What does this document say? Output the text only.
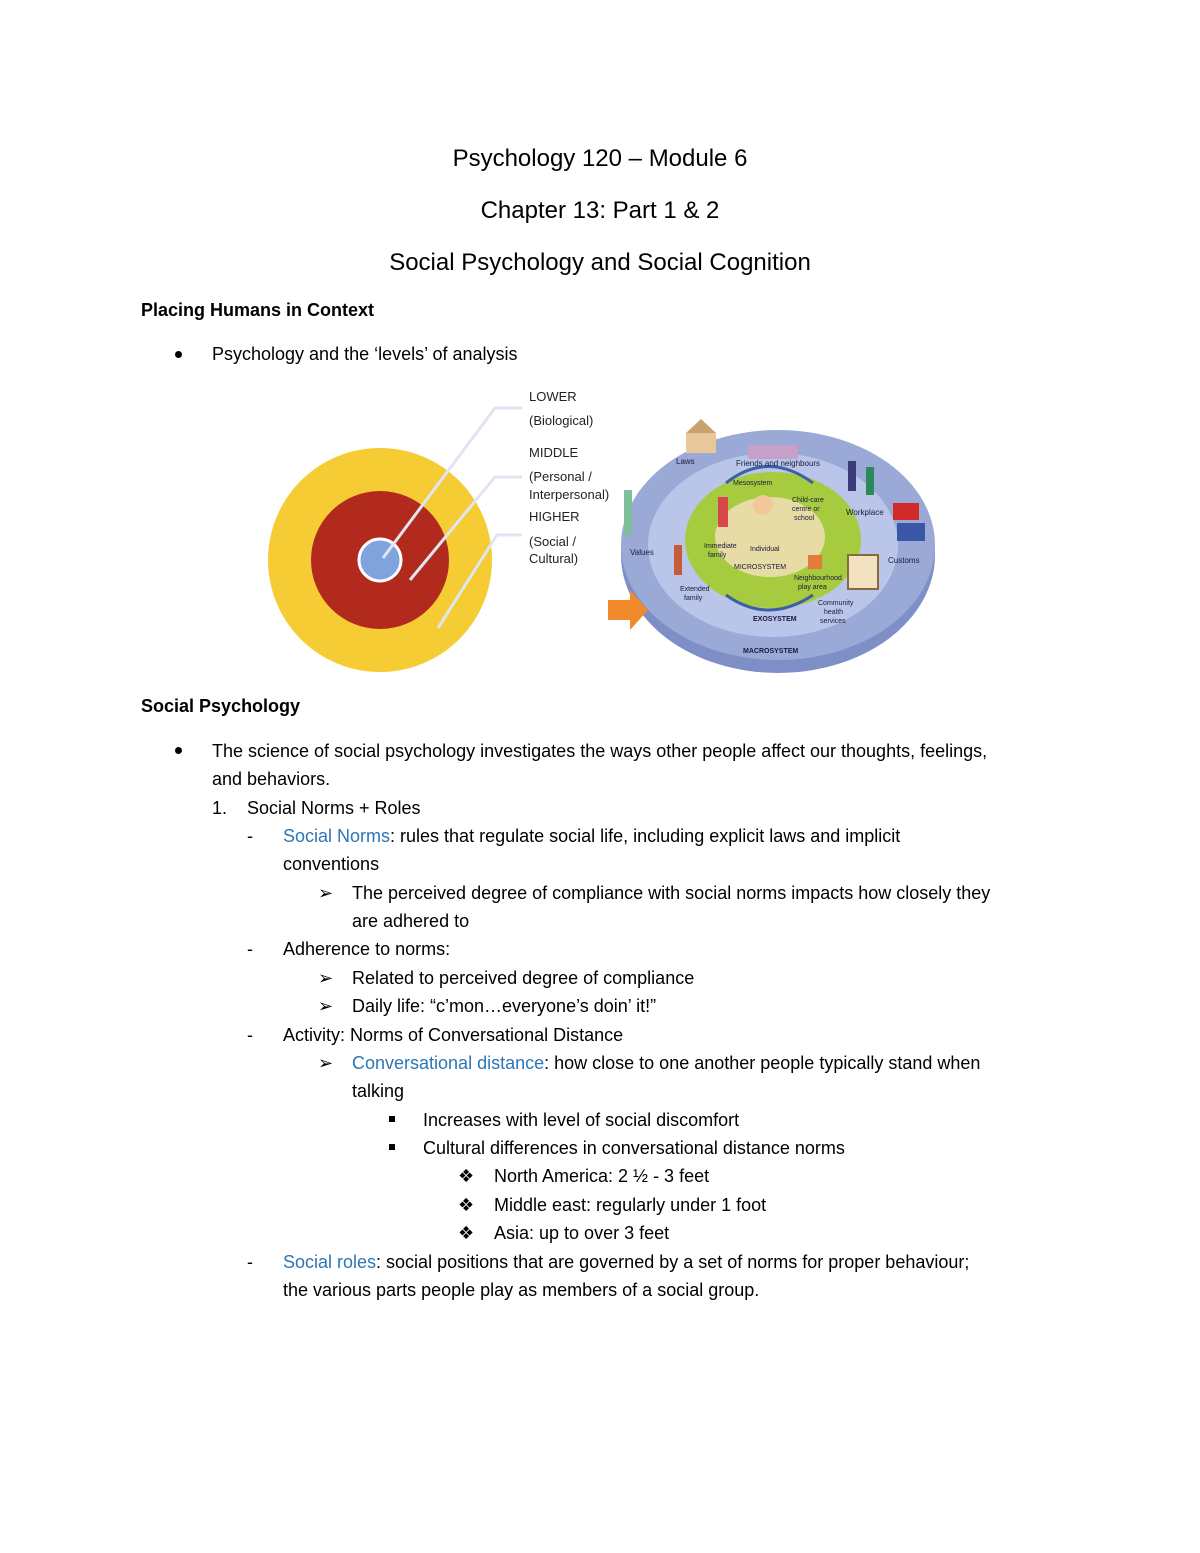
Psychology 120 – Module 6
Chapter 13: Part 1 & 2
Social Psychology and Social Cognition
Placing Humans in Context
Psychology and the ‘levels’ of analysis
LOWER
(Biological)
MIDDLE
(Personal /
Interpersonal)
HIGHER
(Social /
Cultural)
Laws	Friends and neighbours
Workplace
Values
Customs
Mesosystem
Child-care
centre or
school
Immediate
family
Individual
MICROSYSTEM
Neighbourhood
play area
Extended
family
Community
health
services
EXOSYSTEM
MACROSYSTEM
Social Psychology
The science of social psychology investigates the ways other people affect our thoughts, feelings,
and behaviors.
1. Social Norms + Roles
- Social Norms: rules that regulate social life, including explicit laws and implicit
conventions
➢ The perceived degree of compliance with social norms impacts how closely they
are adhered to
- Adherence to norms:
➢ Related to perceived degree of compliance
➢ Daily life: “c’mon…everyone’s doin’ it!”
- Activity: Norms of Conversational Distance
➢ Conversational distance: how close to one another people typically stand when
talking
Increases with level of social discomfort
Cultural differences in conversational distance norms
❖ North America: 2 ½ - 3 feet
❖ Middle east: regularly under 1 foot
❖ Asia: up to over 3 feet
- Social roles: social positions that are governed by a set of norms for proper behaviour;
the various parts people play as members of a social group.
